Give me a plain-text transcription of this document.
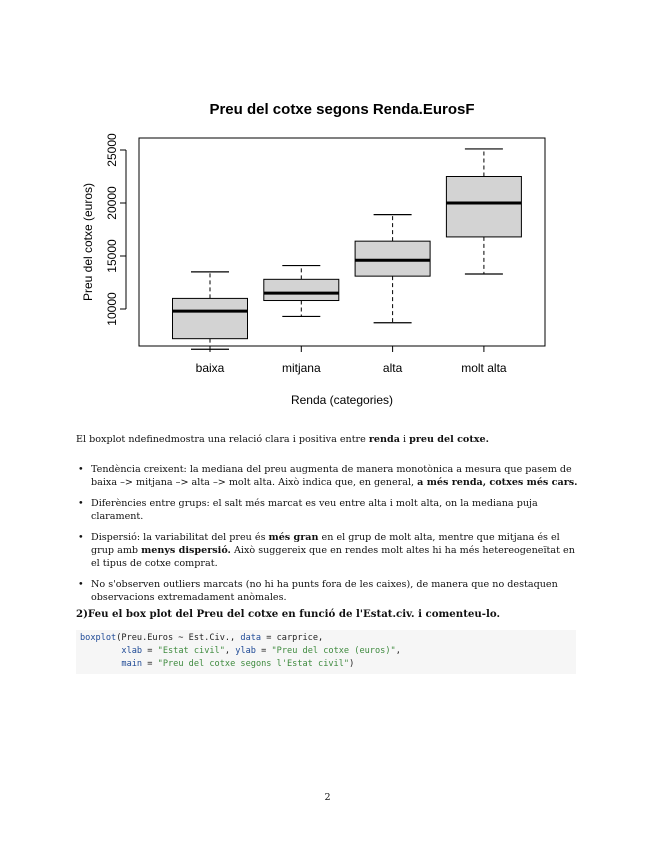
Preu del cotxe segons Renda.EurosF
10000
15000
20000
25000
baixa	mitjana	alta	molt alta
Preu del cotxe (euros)
Renda (categories)
El boxplot ndefinedmostra una relació clara i positiva entre renda i preu del cotxe.
• Tendència creixent: la mediana del preu augmenta de manera monotònica a mesura que pasem de baixa –> mitjana –> alta –> molt alta. Això indica que, en general, a més renda, cotxes més cars.
• Diferències entre grups: el salt més marcat es veu entre alta i molt alta, on la mediana puja clarament.
• Dispersió: la variabilitat del preu és més gran en el grup de molt alta, mentre que mitjana és el grup amb menys dispersió. Això suggereix que en rendes molt altes hi ha més hetereogeneïtat en el tipus de cotxe comprat.
• No s'observen outliers marcats (no hi ha punts fora de les caixes), de manera que no destaquen observacions extremadament anòmales.
2)Feu el box plot del Preu del cotxe en funció de l'Estat.civ. i comenteu-lo.
boxplot(Preu.Euros ~ Est.Civ., data = carprice,
xlab = "Estat civil", ylab = "Preu del cotxe (euros)",
main = "Preu del cotxe segons l'Estat civil")
2
